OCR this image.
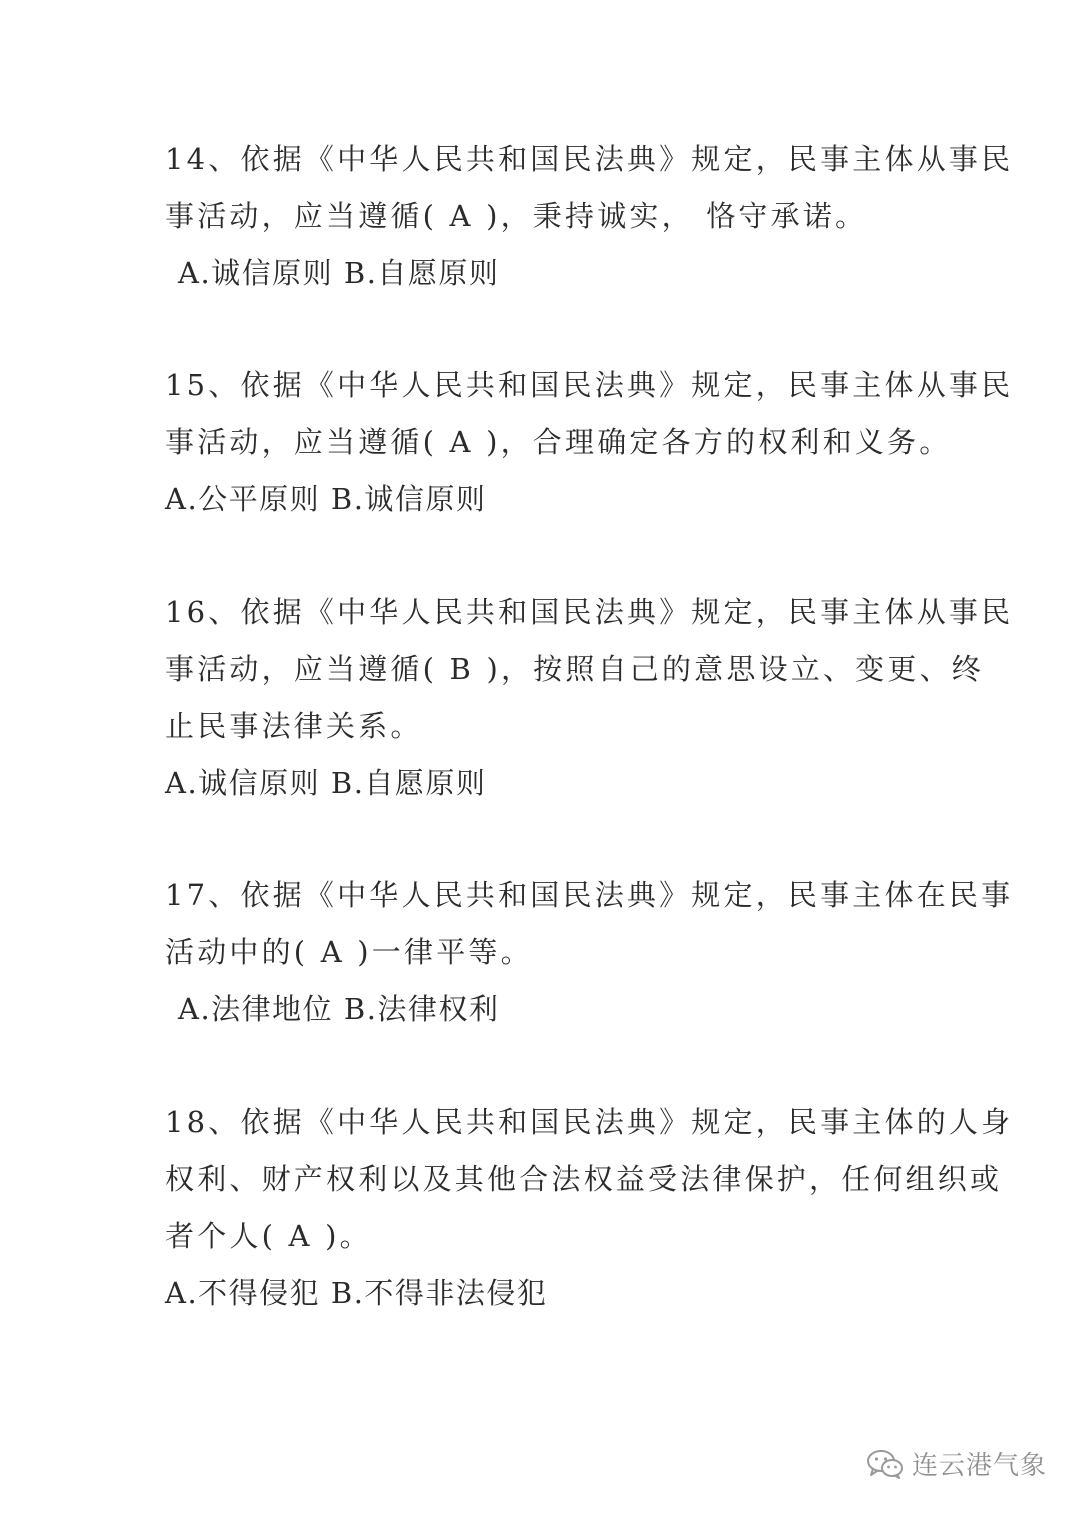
14、依据《中华人民共和国民法典》规定，民事主体从事民
事活动，应当遵循( A )，秉持诚实， 恪守承诺。
A.诚信原则 B.自愿原则
15、依据《中华人民共和国民法典》规定，民事主体从事民
事活动，应当遵循( A )，合理确定各方的权利和义务。
A.公平原则 B.诚信原则
16、依据《中华人民共和国民法典》规定，民事主体从事民
事活动，应当遵循( B )，按照自己的意思设立、变更、终
止民事法律关系。
A.诚信原则 B.自愿原则
17、依据《中华人民共和国民法典》规定，民事主体在民事
活动中的( A )一律平等。
A.法律地位 B.法律权利
18、依据《中华人民共和国民法典》规定，民事主体的人身
权利、财产权利以及其他合法权益受法律保护，任何组织或
者个人( A )。
A.不得侵犯 B.不得非法侵犯
连云港气象
